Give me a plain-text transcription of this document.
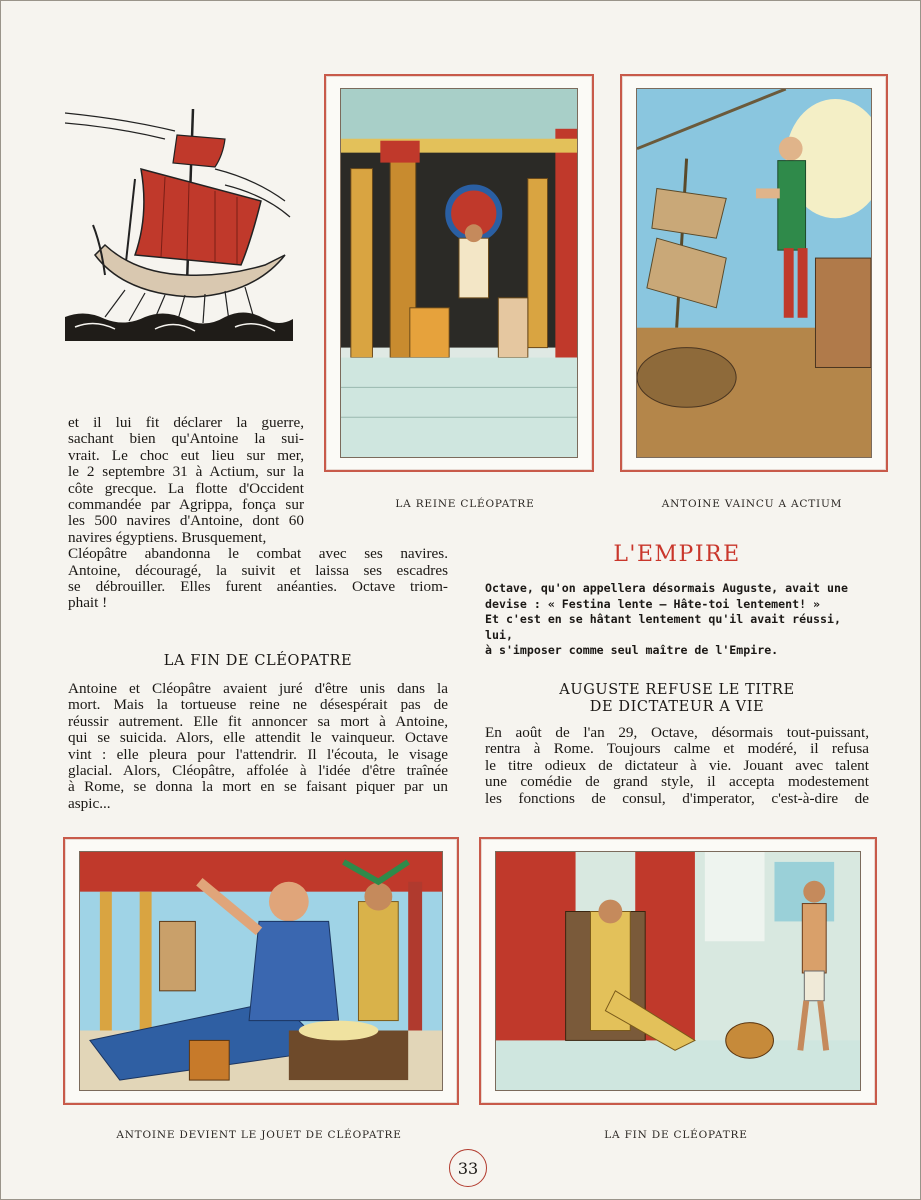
LA REINE CLÉOPATRE	ANTOINE VAINCU A ACTIUM
et il lui fit déclarer la guerre,
sachant bien qu'Antoine la sui-
vrait. Le choc eut lieu sur mer,
le 2 septembre 31 à Actium, sur la
côte grecque. La flotte d'Occident
commandée par Agrippa, fonça sur
les 500 navires d'Antoine, dont 60
navires égyptiens. Brusquement,
Cléopâtre abandonna le combat avec ses navires.
Antoine, découragé, la suivit et laissa ses escadres
se débrouiller. Elles furent anéanties. Octave triom-
phait !
LA FIN DE CLÉOPATRE
Antoine et Cléopâtre avaient juré d'être unis dans la
mort. Mais la tortueuse reine ne désespérait pas de
réussir autrement. Elle fit annoncer sa mort à Antoine,
qui se suicida. Alors, elle attendit le vainqueur. Octave
vint : elle pleura pour l'attendrir. Il l'écouta, le visage
glacial. Alors, Cléopâtre, affolée à l'idée d'être traînée
à Rome, se donna la mort en se faisant piquer par un
aspic...
L'EMPIRE
Octave, qu'on appellera désormais Auguste, avait une
devise : « Festina lente — Hâte-toi lentement! »
Et c'est en se hâtant lentement qu'il avait réussi, lui,
à s'imposer comme seul maître de l'Empire.
AUGUSTE REFUSE LE TITRE
DE DICTATEUR A VIE
En août de l'an 29, Octave, désormais tout-puissant,
rentra à Rome. Toujours calme et modéré, il refusa
le titre odieux de dictateur à vie. Jouant avec talent
une comédie de grand style, il accepta modestement
les fonctions de consul, d'imperator, c'est-à-dire de
ANTOINE DEVIENT LE JOUET DE CLÉOPATRE	LA FIN DE CLÉOPATRE
33
